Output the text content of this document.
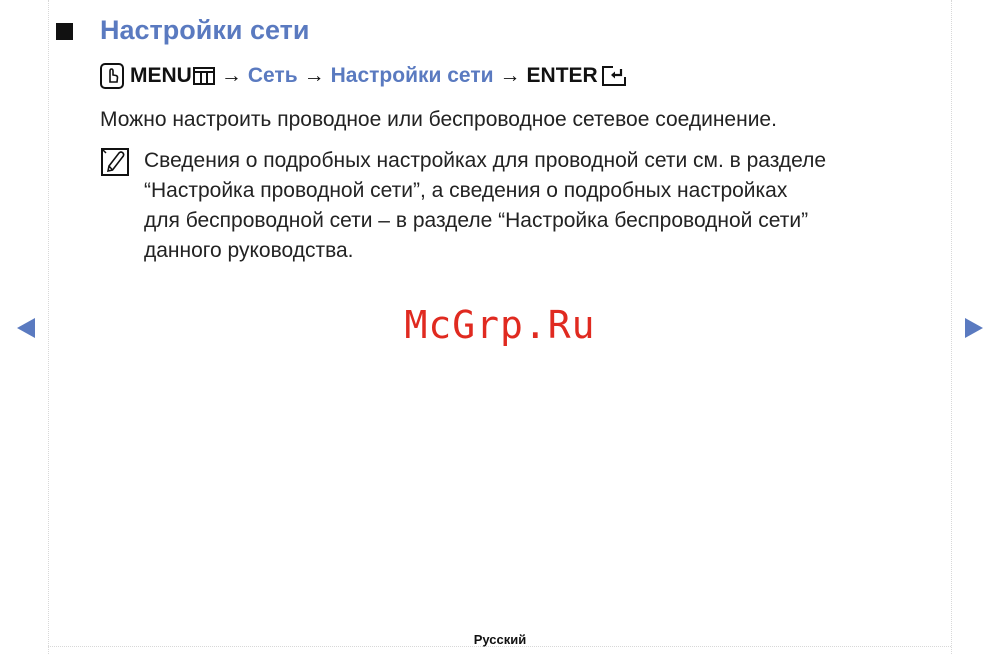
Настройки сети
MENU → Сеть → Настройки сети → ENTER
Можно настроить проводное или беспроводное сетевое соединение.
Сведения о подробных настройках для проводной сети см. в разделе
“Настройка проводной сети”, а сведения о подробных настройках
для беспроводной сети – в разделе “Настройка беспроводной сети”
данного руководства.
McGrp.Ru
Русский
